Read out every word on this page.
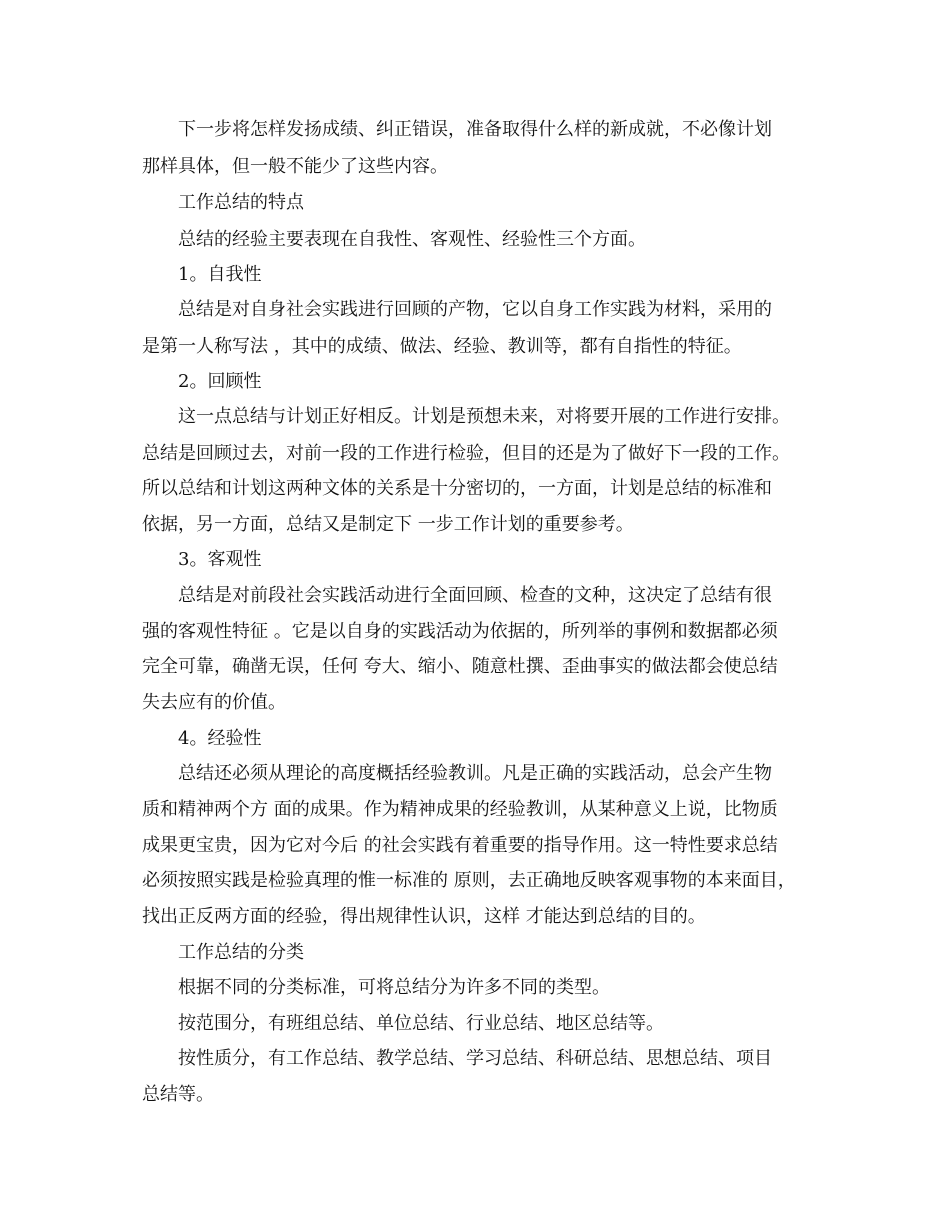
下一步将怎样发扬成绩、纠正错误，准备取得什么样的新成就，不必像计划
那样具体，但一般不能少了这些内容。
工作总结的特点
总结的经验主要表现在自我性、客观性、经验性三个方面。
1。自我性
总结是对自身社会实践进行回顾的产物，它以自身工作实践为材料，采用的
是第一人称写法 ，其中的成绩、做法、经验、教训等，都有自指性的特征。
2。回顾性
这一点总结与计划正好相反。计划是预想未来，对将要开展的工作进行安排。
总结是回顾过去，对前一段的工作进行检验，但目的还是为了做好下一段的工作。
所以总结和计划这两种文体的关系是十分密切的，一方面，计划是总结的标准和
依据，另一方面，总结又是制定下 一步工作计划的重要参考。
3。客观性
总结是对前段社会实践活动进行全面回顾、检查的文种，这决定了总结有很
强的客观性特征 。它是以自身的实践活动为依据的，所列举的事例和数据都必须
完全可靠，确凿无误，任何 夸大、缩小、随意杜撰、歪曲事实的做法都会使总结
失去应有的价值。
4。经验性
总结还必须从理论的高度概括经验教训。凡是正确的实践活动，总会产生物
质和精神两个方 面的成果。作为精神成果的经验教训，从某种意义上说，比物质
成果更宝贵，因为它对今后 的社会实践有着重要的指导作用。这一特性要求总结
必须按照实践是检验真理的惟一标准的 原则，去正确地反映客观事物的本来面目，
找出正反两方面的经验，得出规律性认识，这样 才能达到总结的目的。
工作总结的分类
根据不同的分类标准，可将总结分为许多不同的类型。
按范围分，有班组总结、单位总结、行业总结、地区总结等。
按性质分，有工作总结、教学总结、学习总结、科研总结、思想总结、项目
总结等。
